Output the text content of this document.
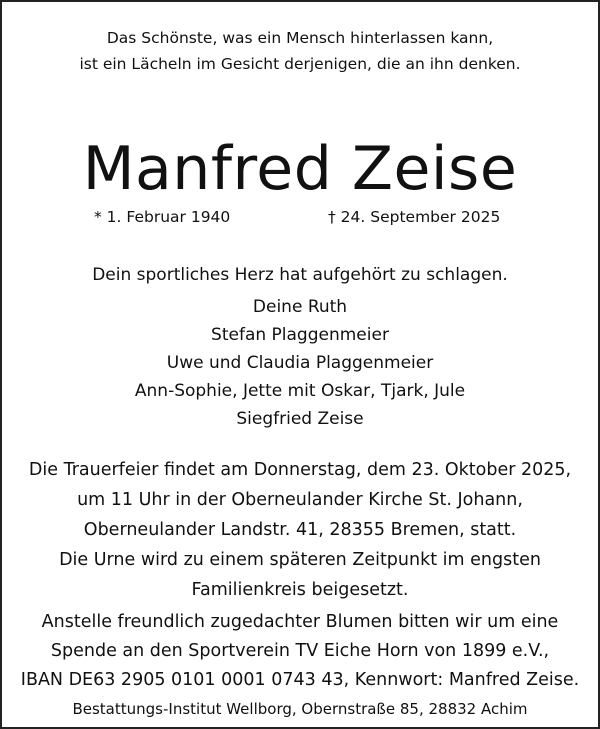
Das Schönste, was ein Mensch hinterlassen kann,
ist ein Lächeln im Gesicht derjenigen, die an ihn denken.
Manfred Zeise
* 1. Februar 1940	† 24. September 2025
Dein sportliches Herz hat aufgehört zu schlagen.
Deine Ruth
Stefan Plaggenmeier
Uwe und Claudia Plaggenmeier
Ann-Sophie, Jette mit Oskar, Tjark, Jule
Siegfried Zeise
Die Trauerfeier findet am Donnerstag, dem 23. Oktober 2025,
um 11 Uhr in der Oberneulander Kirche St. Johann,
Oberneulander Landstr. 41, 28355 Bremen, statt.
Die Urne wird zu einem späteren Zeitpunkt im engsten
Familienkreis beigesetzt.
Anstelle freundlich zugedachter Blumen bitten wir um eine
Spende an den Sportverein TV Eiche Horn von 1899 e.V.,
IBAN DE63 2905 0101 0001 0743 43, Kennwort: Manfred Zeise.
Bestattungs-Institut Wellborg, Obernstraße 85, 28832 Achim
